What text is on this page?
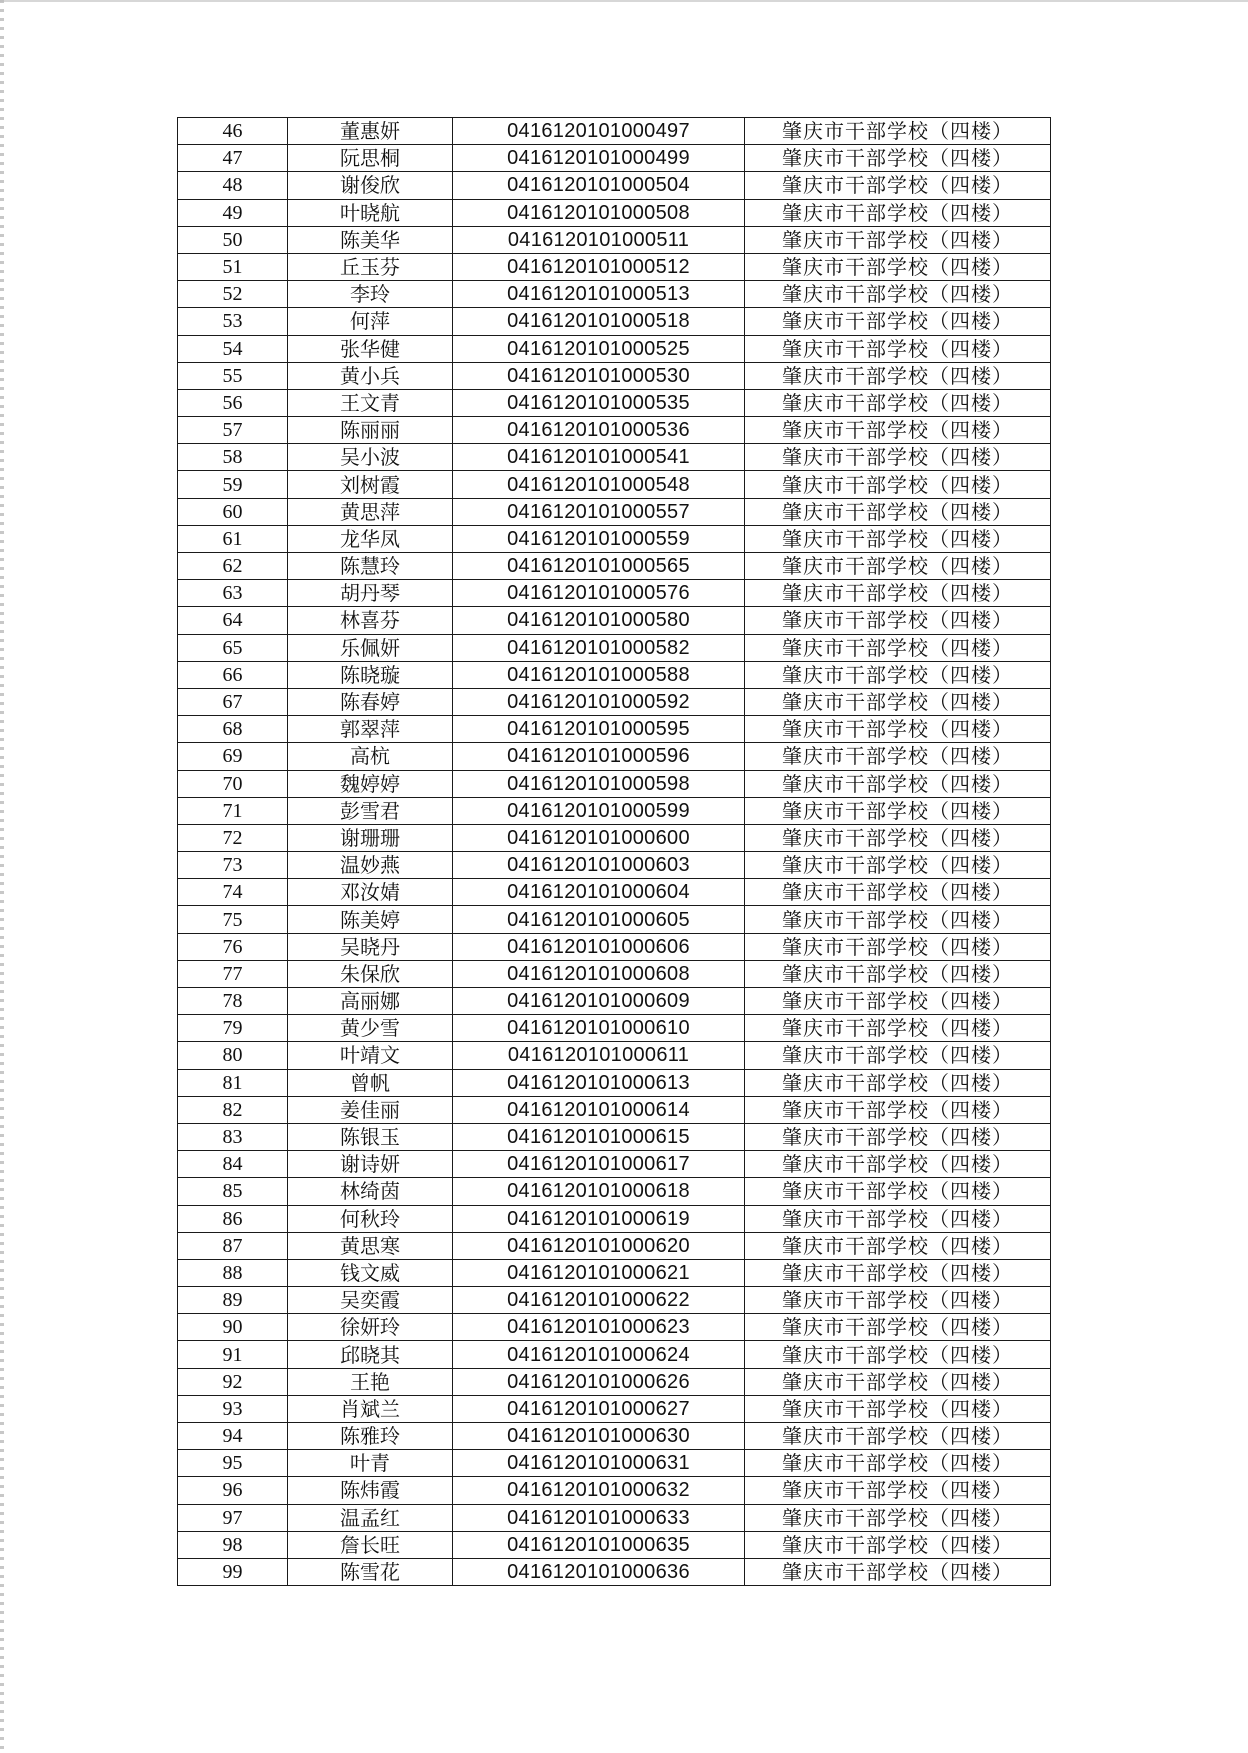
46	董惠妍	0416120101000497	肇庆市干部学校（四楼）
47	阮思桐	0416120101000499	肇庆市干部学校（四楼）
48	谢俊欣	0416120101000504	肇庆市干部学校（四楼）
49	叶晓航	0416120101000508	肇庆市干部学校（四楼）
50	陈美华	0416120101000511	肇庆市干部学校（四楼）
51	丘玉芬	0416120101000512	肇庆市干部学校（四楼）
52	李玲	0416120101000513	肇庆市干部学校（四楼）
53	何萍	0416120101000518	肇庆市干部学校（四楼）
54	张华健	0416120101000525	肇庆市干部学校（四楼）
55	黄小兵	0416120101000530	肇庆市干部学校（四楼）
56	王文青	0416120101000535	肇庆市干部学校（四楼）
57	陈丽丽	0416120101000536	肇庆市干部学校（四楼）
58	吴小波	0416120101000541	肇庆市干部学校（四楼）
59	刘树霞	0416120101000548	肇庆市干部学校（四楼）
60	黄思萍	0416120101000557	肇庆市干部学校（四楼）
61	龙华凤	0416120101000559	肇庆市干部学校（四楼）
62	陈慧玲	0416120101000565	肇庆市干部学校（四楼）
63	胡丹琴	0416120101000576	肇庆市干部学校（四楼）
64	林喜芬	0416120101000580	肇庆市干部学校（四楼）
65	乐佩妍	0416120101000582	肇庆市干部学校（四楼）
66	陈晓璇	0416120101000588	肇庆市干部学校（四楼）
67	陈春婷	0416120101000592	肇庆市干部学校（四楼）
68	郭翠萍	0416120101000595	肇庆市干部学校（四楼）
69	高杭	0416120101000596	肇庆市干部学校（四楼）
70	魏婷婷	0416120101000598	肇庆市干部学校（四楼）
71	彭雪君	0416120101000599	肇庆市干部学校（四楼）
72	谢珊珊	0416120101000600	肇庆市干部学校（四楼）
73	温妙燕	0416120101000603	肇庆市干部学校（四楼）
74	邓汝婧	0416120101000604	肇庆市干部学校（四楼）
75	陈美婷	0416120101000605	肇庆市干部学校（四楼）
76	吴晓丹	0416120101000606	肇庆市干部学校（四楼）
77	朱保欣	0416120101000608	肇庆市干部学校（四楼）
78	高丽娜	0416120101000609	肇庆市干部学校（四楼）
79	黄少雪	0416120101000610	肇庆市干部学校（四楼）
80	叶靖文	0416120101000611	肇庆市干部学校（四楼）
81	曾帆	0416120101000613	肇庆市干部学校（四楼）
82	姜佳丽	0416120101000614	肇庆市干部学校（四楼）
83	陈银玉	0416120101000615	肇庆市干部学校（四楼）
84	谢诗妍	0416120101000617	肇庆市干部学校（四楼）
85	林绮茵	0416120101000618	肇庆市干部学校（四楼）
86	何秋玲	0416120101000619	肇庆市干部学校（四楼）
87	黄思寒	0416120101000620	肇庆市干部学校（四楼）
88	钱文威	0416120101000621	肇庆市干部学校（四楼）
89	吴奕霞	0416120101000622	肇庆市干部学校（四楼）
90	徐妍玲	0416120101000623	肇庆市干部学校（四楼）
91	邱晓其	0416120101000624	肇庆市干部学校（四楼）
92	王艳	0416120101000626	肇庆市干部学校（四楼）
93	肖斌兰	0416120101000627	肇庆市干部学校（四楼）
94	陈雅玲	0416120101000630	肇庆市干部学校（四楼）
95	叶青	0416120101000631	肇庆市干部学校（四楼）
96	陈炜霞	0416120101000632	肇庆市干部学校（四楼）
97	温孟红	0416120101000633	肇庆市干部学校（四楼）
98	詹长旺	0416120101000635	肇庆市干部学校（四楼）
99	陈雪花	0416120101000636	肇庆市干部学校（四楼）
